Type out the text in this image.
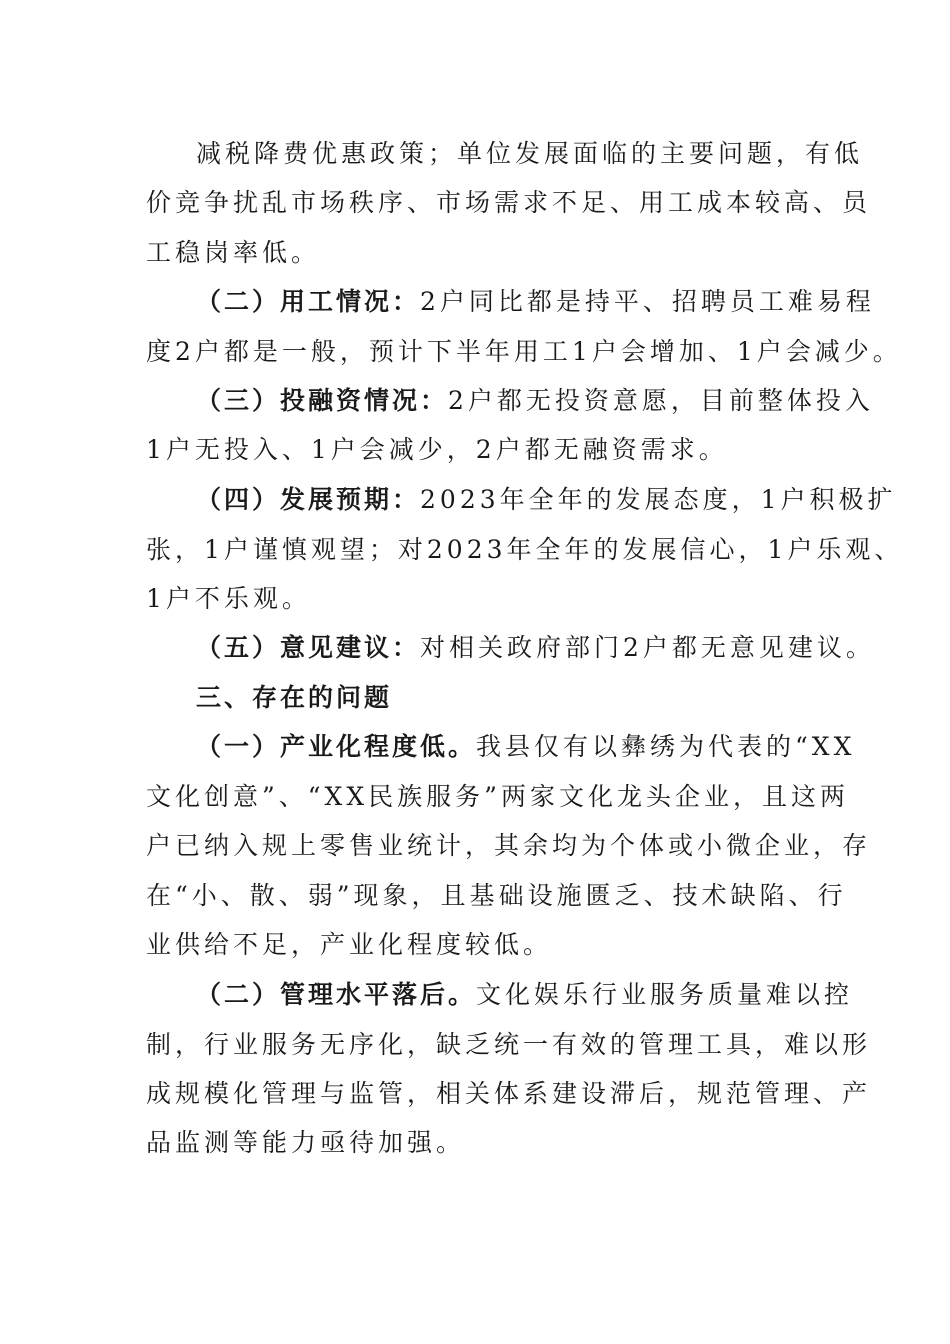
减税降费优惠政策；单位发展面临的主要问题，有低
价竞争扰乱市场秩序、市场需求不足、用工成本较高、员
工稳岗率低。
（二）用工情况：2户同比都是持平、招聘员工难易程
度2户都是一般，预计下半年用工1户会增加、1户会减少。
（三）投融资情况：2户都无投资意愿，目前整体投入
1户无投入、1户会减少，2户都无融资需求。
（四）发展预期：2023年全年的发展态度，1户积极扩
张，1户谨慎观望；对2023年全年的发展信心，1户乐观、
1户不乐观。
（五）意见建议：对相关政府部门2户都无意见建议。
三、存在的问题
（一）产业化程度低。我县仅有以彝绣为代表的“XX
文化创意”、“XX民族服务”两家文化龙头企业，且这两
户已纳入规上零售业统计，其余均为个体或小微企业，存
在“小、散、弱”现象，且基础设施匮乏、技术缺陷、行
业供给不足，产业化程度较低。
（二）管理水平落后。文化娱乐行业服务质量难以控
制，行业服务无序化，缺乏统一有效的管理工具，难以形
成规模化管理与监管，相关体系建设滞后，规范管理、产
品监测等能力亟待加强。
